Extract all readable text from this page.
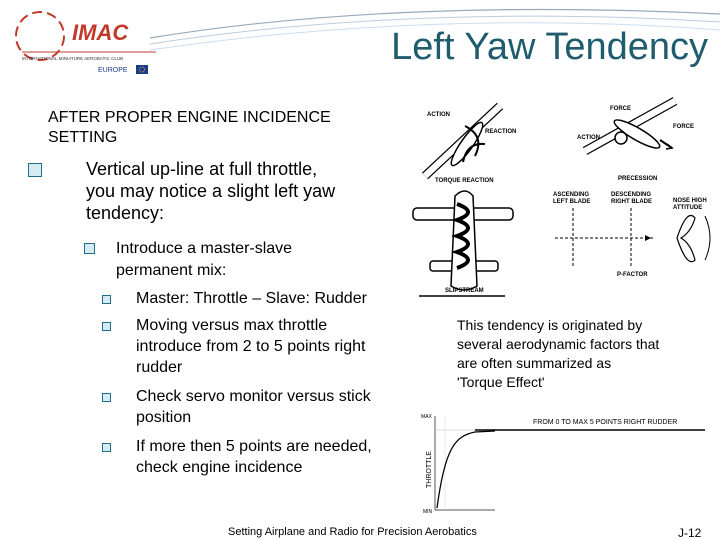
IMAC
INTERNATIONAL MINIATURE AEROBATIC CLUB
EUROPE
Left Yaw Tendency
AFTER PROPER ENGINE INCIDENCE
SETTING
Vertical up-line at full throttle,
you may notice a slight left yaw
tendency:
Introduce a master-slave
permanent mix:
Master: Throttle – Slave: Rudder
Moving versus max throttle
introduce from 2 to 5 points right
rudder
Check servo monitor versus stick
position
If more then 5 points are needed,
check engine incidence
ACTION
REACTION
TORQUE REACTION
FORCE
FORCE
ACTION
PRECESSION
SLIPSTREAM
ASCENDING
LEFT BLADE
DESCENDING
RIGHT BLADE	NOSE HIGH
ATTITUDE
P-FACTOR
This tendency is originated by
several aerodynamic factors that
are often summarized as
'Torque Effect'
MAX
MIN
THROTTLE
FROM 0 TO MAX 5 POINTS RIGHT RUDDER
Setting Airplane and Radio for Precision Aerobatics	J-12
